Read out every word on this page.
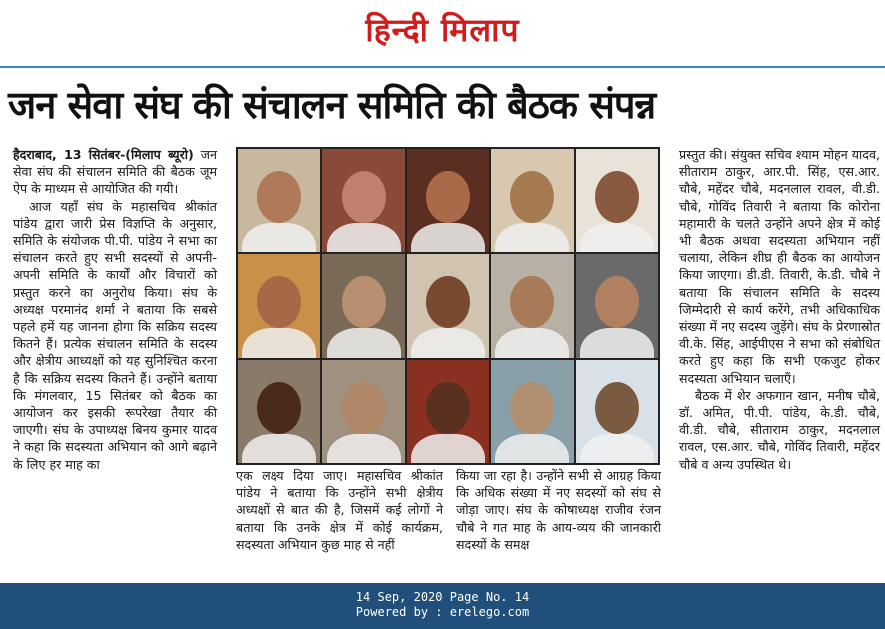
हिन्दी मिलाप
जन सेवा संघ की संचालन समिति की बैठक संपन्न

हैदराबाद, 13 सितंबर-(मिलाप ब्यूरो) जन सेवा संघ की संचालन समिति की बैठक जूम ऐप के माध्यम से आयोजित की गयी।

आज यहाँ संघ के महासचिव श्रीकांत पांडेय द्वारा जारी प्रेस विज्ञप्ति के अनुसार, समिति के संयोजक पी.पी. पांडेय ने सभा का संचालन करते हुए सभी सदस्यों से अपनी-अपनी समिति के कार्यों और विचारों को प्रस्तुत करने का अनुरोध किया। संघ के अध्यक्ष परमानंद शर्मा ने बताया कि सबसे पहले हमें यह जानना होगा कि सक्रिय सदस्य कितने हैं। प्रत्येक संचालन समिति के सदस्य और क्षेत्रीय आध्यक्षों को यह सुनिश्चित करना है कि सक्रिय सदस्य कितने हैं। उन्होंने बताया कि मंगलवार, 15 सितंबर को बैठक का आयोजन कर इसकी रूपरेखा तैयार की जाएगी। संघ के उपाध्यक्ष बिनय कुमार यादव ने कहा कि सदस्यता अभियान को आगे बढ़ाने के लिए हर माह का

एक लक्ष्य दिया जाए। महासचिव श्रीकांत पांडेय ने बताया कि उन्होंने सभी क्षेत्रीय अध्यक्षों से बात की है, जिसमें कई लोगों ने बताया कि उनके क्षेत्र में कोई कार्यक्रम, सदस्यता अभियान कुछ माह से नहीं
किया जा रहा है। उन्होंने सभी से आग्रह किया कि अधिक संख्या में नए सदस्यों को संघ से जोड़ा जाए। संघ के कोषाध्यक्ष राजीव रंजन चौबे ने गत माह के आय-व्यय की जानकारी सदस्यों के समक्ष

प्रस्तुत की। संयुक्त सचिव श्याम मोहन यादव, सीताराम ठाकुर, आर.पी. सिंह, एस.आर. चौबे, महेंदर चौबे, मदनलाल रावल, वी.डी. चौबे, गोविंद तिवारी ने बताया कि कोरोना महामारी के चलते उन्होंने अपने क्षेत्र में कोई भी बैठक अथवा सदस्यता अभियान नहीं चलाया, लेकिन शीघ्र ही बैठक का आयोजन किया जाएगा। डी.डी. तिवारी, के.डी. चौबे ने बताया कि संचालन समिति के सदस्य जिम्मेदारी से कार्य करेंगे, तभी अधिकाधिक संख्या में नए सदस्य जुड़ेंगे। संघ के प्रेरणास्रोत वी.के. सिंह, आईपीएस ने सभा को संबोधित करते हुए कहा कि सभी एकजुट होकर सदस्यता अभियान चलाएँ।

बैठक में शेर अफगान खान, मनीष चौबे, डॉ. अमित, पी.पी. पांडेय, के.डी. चौबे, वी.डी. चौबे, सीताराम ठाकुर, मदनलाल रावल, एस.आर. चौबे, गोविंद तिवारी, महेंदर चौबे व अन्य उपस्थित थे।

14 Sep, 2020 Page No. 14
Powered by : erelego.com
